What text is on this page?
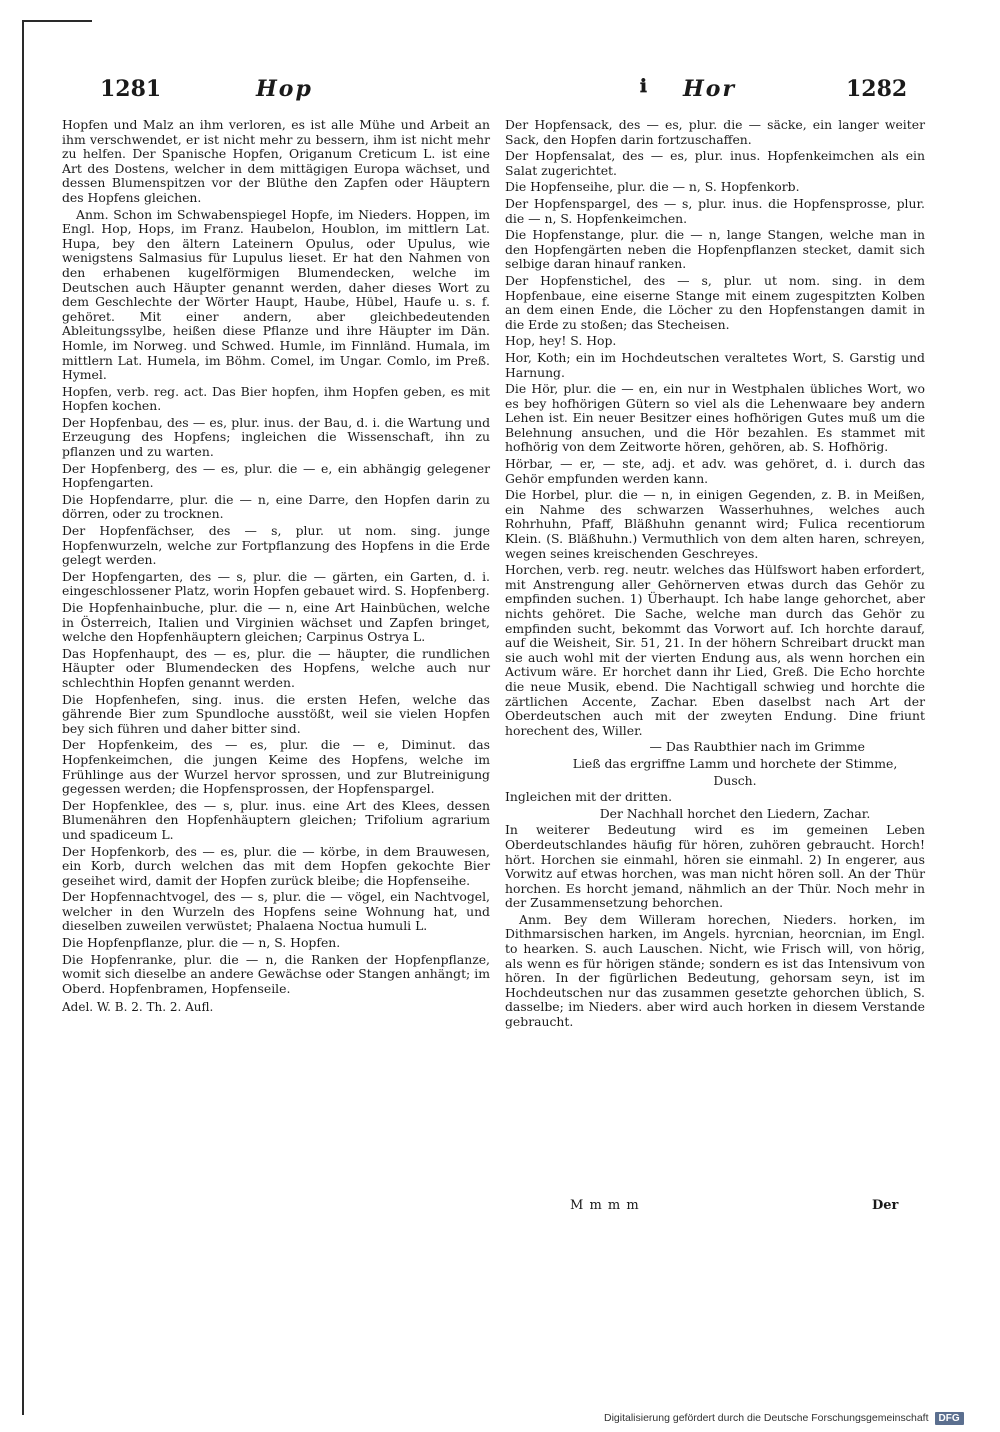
1281	Hop	ℹ Hor	1282

Hopfen und Malz an ihm verloren, es ist alle Mühe und Arbeit an ihm verschwendet, er ist nicht mehr zu bessern, ihm ist nicht mehr zu helfen. Der Spanische Hopfen, Origanum Creticum L. ist eine Art des Dostens, welcher in dem mittägigen Europa wächset, und dessen Blumenspitzen vor der Blüthe den Zapfen oder Häuptern des Hopfens gleichen.

Anm. Schon im Schwabenspiegel Hopfe, im Nieders. Hoppen, im Engl. Hop, Hops, im Franz. Haubelon, Houblon, im mittlern Lat. Hupa, bey den ältern Lateinern Opulus, oder Upulus, wie wenigstens Salmasius für Lupulus lieset. Er hat den Nahmen von den erhabenen kugelförmigen Blumendecken, welche im Deutschen auch Häupter genannt werden, daher dieses Wort zu dem Geschlechte der Wörter Haupt, Haube, Hübel, Haufe u. s. f. gehöret. Mit einer andern, aber gleichbedeutenden Ableitungssylbe, heißen diese Pflanze und ihre Häupter im Dän. Homle, im Norweg. und Schwed. Humle, im Finnländ. Humala, im mittlern Lat. Humela, im Böhm. Comel, im Ungar. Comlo, im Preß. Hymel.

Hopfen, verb. reg. act. Das Bier hopfen, ihm Hopfen geben, es mit Hopfen kochen.

Der Hopfenbau, des — es, plur. inus. der Bau, d. i. die Wartung und Erzeugung des Hopfens; ingleichen die Wissenschaft, ihn zu pflanzen und zu warten.

Der Hopfenberg, des — es, plur. die — e, ein abhängig gelegener Hopfengarten.

Die Hopfendarre, plur. die — n, eine Darre, den Hopfen darin zu dörren, oder zu trocknen.

Der Hopfenfächser, des — s, plur. ut nom. sing. junge Hopfenwurzeln, welche zur Fortpflanzung des Hopfens in die Erde gelegt werden.

Der Hopfengarten, des — s, plur. die — gärten, ein Garten, d. i. eingeschlossener Platz, worin Hopfen gebauet wird. S. Hopfenberg.

Die Hopfenhainbuche, plur. die — n, eine Art Hainbüchen, welche in Österreich, Italien und Virginien wächset und Zapfen bringet, welche den Hopfenhäuptern gleichen; Carpinus Ostrya L.

Das Hopfenhaupt, des — es, plur. die — häupter, die rundlichen Häupter oder Blumendecken des Hopfens, welche auch nur schlechthin Hopfen genannt werden.

Die Hopfenhefen, sing. inus. die ersten Hefen, welche das gährende Bier zum Spundloche ausstößt, weil sie vielen Hopfen bey sich führen und daher bitter sind.

Der Hopfenkeim, des — es, plur. die — e, Diminut. das Hopfenkeimchen, die jungen Keime des Hopfens, welche im Frühlinge aus der Wurzel hervor sprossen, und zur Blutreinigung gegessen werden; die Hopfensprossen, der Hopfenspargel.

Der Hopfenklee, des — s, plur. inus. eine Art des Klees, dessen Blumenähren den Hopfenhäuptern gleichen; Trifolium agrarium und spadiceum L.

Der Hopfenkorb, des — es, plur. die — körbe, in dem Brauwesen, ein Korb, durch welchen das mit dem Hopfen gekochte Bier geseihet wird, damit der Hopfen zurück bleibe; die Hopfenseihe.

Der Hopfennachtvogel, des — s, plur. die — vögel, ein Nachtvogel, welcher in den Wurzeln des Hopfens seine Wohnung hat, und dieselben zuweilen verwüstet; Phalaena Noctua humuli L.

Die Hopfenpflanze, plur. die — n, S. Hopfen.

Die Hopfenranke, plur. die — n, die Ranken der Hopfenpflanze, womit sich dieselbe an andere Gewächse oder Stangen anhängt; im Oberd. Hopfenbramen, Hopfenseile.

Adel. W. B. 2. Th. 2. Aufl.

Der Hopfensack, des — es, plur. die — säcke, ein langer weiter Sack, den Hopfen darin fortzuschaffen.

Der Hopfensalat, des — es, plur. inus. Hopfenkeimchen als ein Salat zugerichtet.

Die Hopfenseihe, plur. die — n, S. Hopfenkorb.

Der Hopfenspargel, des — s, plur. inus. die Hopfensprosse, plur. die — n, S. Hopfenkeimchen.

Die Hopfenstange, plur. die — n, lange Stangen, welche man in den Hopfengärten neben die Hopfenpflanzen stecket, damit sich selbige daran hinauf ranken.

Der Hopfenstichel, des — s, plur. ut nom. sing. in dem Hopfenbaue, eine eiserne Stange mit einem zugespitzten Kolben an dem einen Ende, die Löcher zu den Hopfenstangen damit in die Erde zu stoßen; das Stecheisen.

Hop, hey! S. Hop.

Hor, Koth; ein im Hochdeutschen veraltetes Wort, S. Garstig und Harnung.

Die Hör, plur. die — en, ein nur in Westphalen übliches Wort, wo es bey hofhörigen Gütern so viel als die Lehenwaare bey andern Lehen ist. Ein neuer Besitzer eines hofhörigen Gutes muß um die Belehnung ansuchen, und die Hör bezahlen. Es stammet mit hofhörig von dem Zeitworte hören, gehören, ab. S. Hofhörig.

Hörbar, — er, — ste, adj. et adv. was gehöret, d. i. durch das Gehör empfunden werden kann.

Die Horbel, plur. die — n, in einigen Gegenden, z. B. in Meißen, ein Nahme des schwarzen Wasserhuhnes, welches auch Rohrhuhn, Pfaff, Bläßhuhn genannt wird; Fulica recentiorum Klein. (S. Bläßhuhn.) Vermuthlich von dem alten haren, schreyen, wegen seines kreischenden Geschreyes.

Horchen, verb. reg. neutr. welches das Hülfswort haben erfordert, mit Anstrengung aller Gehörnerven etwas durch das Gehör zu empfinden suchen. 1) Überhaupt. Ich habe lange gehorchet, aber nichts gehöret. Die Sache, welche man durch das Gehör zu empfinden sucht, bekommt das Vorwort auf. Ich horchte darauf, auf die Weisheit, Sir. 51, 21. In der höhern Schreibart druckt man sie auch wohl mit der vierten Endung aus, als wenn horchen ein Activum wäre. Er horchet dann ihr Lied, Greß. Die Echo horchte die neue Musik, ebend. Die Nachtigall schwieg und horchte die zärtlichen Accente, Zachar. Eben daselbst nach Art der Oberdeutschen auch mit der zweyten Endung. Dine friunt horechent des, Willer.

— Das Raubthier nach im Grimme

Ließ das ergriffne Lamm und horchete der Stimme,

Dusch.

Ingleichen mit der dritten.

Der Nachhall horchet den Liedern, Zachar.

In weiterer Bedeutung wird es im gemeinen Leben Oberdeutschlandes häufig für hören, zuhören gebraucht. Horch! hört. Horchen sie einmahl, hören sie einmahl. 2) In engerer, aus Vorwitz auf etwas horchen, was man nicht hören soll. An der Thür horchen. Es horcht jemand, nähmlich an der Thür. Noch mehr in der Zusammensetzung behorchen.

Anm. Bey dem Willeram horechen, Nieders. horken, im Dithmarsischen harken, im Angels. hyrcnian, heorcnian, im Engl. to hearken. S. auch Lauschen. Nicht, wie Frisch will, von hörig, als wenn es für hörigen stände; sondern es ist das Intensivum von hören. In der figürlichen Bedeutung, gehorsam seyn, ist im Hochdeutschen nur das zusammen gesetzte gehorchen üblich, S. dasselbe; im Nieders. aber wird auch horken in diesem Verstande gebraucht.

M m m m	Der
Digitalisierung gefördert durch die Deutsche Forschungsgemeinschaft	DFG
